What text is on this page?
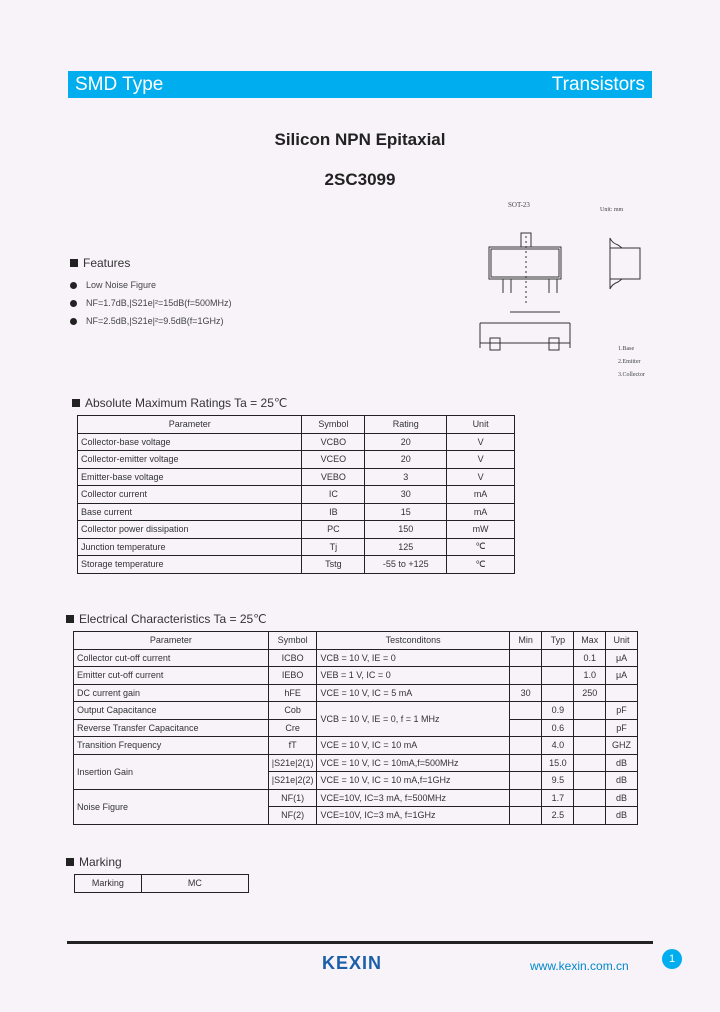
SMD Type	Transistors
Silicon NPN Epitaxial
2SC3099
Features
Low Noise Figure
NF=1.7dB,|S21e|²=15dB(f=500MHz)
NF=2.5dB,|S21e|²=9.5dB(f=1GHz)
SOT-23
Unit: mm
1.Base
2.Emitter
3.Collector
Absolute Maximum Ratings Ta = 25℃
Parameter	Symbol	Rating	Unit
Collector-base voltage	VCBO	20	V
Collector-emitter voltage	VCEO	20	V
Emitter-base voltage	VEBO	3	V
Collector current	IC	30	mA
Base current	IB	15	mA
Collector power dissipation	PC	150	mW
Junction temperature	Tj	125	℃
Storage temperature	Tstg	-55 to +125	℃
Electrical Characteristics Ta = 25℃
Parameter	Symbol	Testconditons	Min	Typ	Max	Unit
Collector cut-off current	ICBO	VCB = 10 V, IE = 0			0.1	μA
Emitter cut-off current	IEBO	VEB = 1 V, IC = 0			1.0	μA
DC current gain	hFE	VCE = 10 V, IC = 5 mA	30		250	
Output Capacitance	Cob	VCB = 10 V, IE = 0, f = 1 MHz		0.9		pF
Reverse Transfer Capacitance	Cre			0.6		pF
Transition Frequency	fT	VCE = 10 V, IC = 10 mA		4.0		GHZ
Insertion Gain	|S21e|2(1)	VCE = 10 V, IC = 10mA,f=500MHz		15.0		dB
	|S21e|2(2)	VCE = 10 V, IC = 10 mA,f=1GHz		9.5		dB
Noise Figure	NF(1)	VCE=10V, IC=3 mA, f=500MHz		1.7		dB
	NF(2)	VCE=10V, IC=3 mA, f=1GHz		2.5		dB
Marking
Marking	MC
KEXIN	www.kexin.com.cn	1
